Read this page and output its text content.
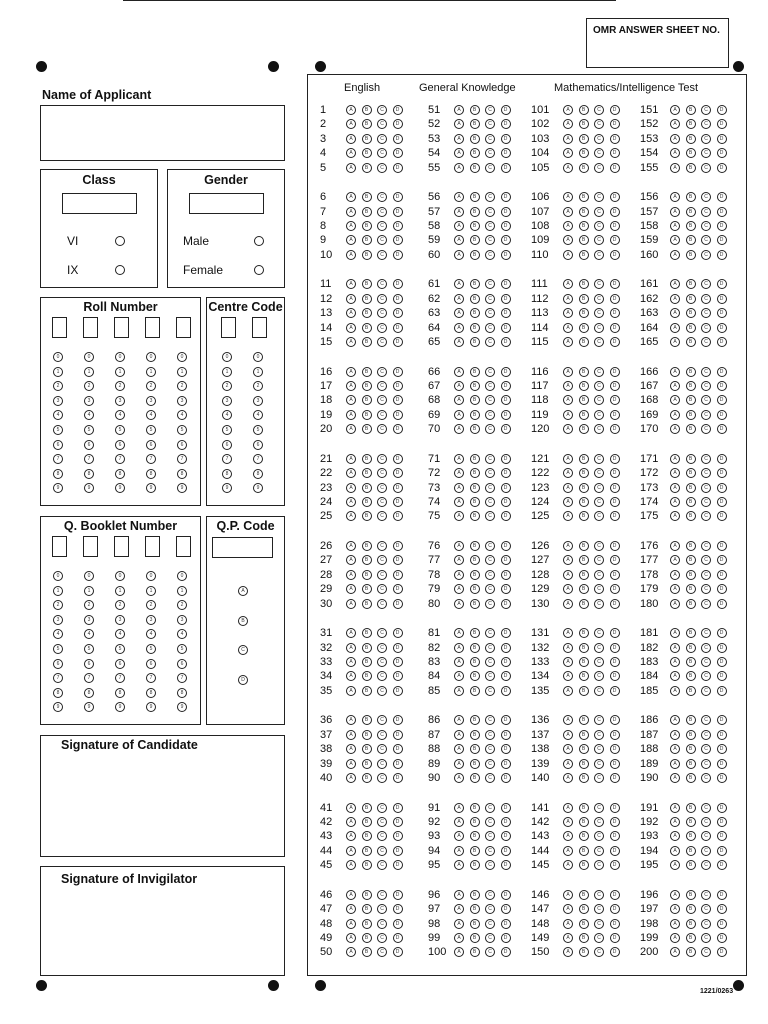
OMR ANSWER SHEET NO.
Name of Applicant
Class
VI
IX
Gender
Male
Female
Roll Number
0
1
2
3
4
5
6
7
8
9
0
1
2
3
4
5
6
7
8
9
0
1
2
3
4
5
6
7
8
9
0
1
2
3
4
5
6
7
8
9
0
1
2
3
4
5
6
7
8
9
Centre Code
0
1
2
3
4
5
6
7
8
9
0
1
2
3
4
5
6
7
8
9
Q. Booklet Number
0
1
2
3
4
5
6
7
8
9
0
1
2
3
4
5
6
7
8
9
0
1
2
3
4
5
6
7
8
9
0
1
2
3
4
5
6
7
8
9
0
1
2
3
4
5
6
7
8
9
Q.P. Code
A
B
C
D
Signature of Candidate
Signature of Invigilator
English	General Knowledge	Mathematics/Intelligence Test
1	A	B	C	D
2	A	B	C	D
3	A	B	C	D
4	A	B	C	D
5	A	B	C	D
6	A	B	C	D
7	A	B	C	D
8	A	B	C	D
9	A	B	C	D
10	A	B	C	D
11	A	B	C	D
12	A	B	C	D
13	A	B	C	D
14	A	B	C	D
15	A	B	C	D
16	A	B	C	D
17	A	B	C	D
18	A	B	C	D
19	A	B	C	D
20	A	B	C	D
21	A	B	C	D
22	A	B	C	D
23	A	B	C	D
24	A	B	C	D
25	A	B	C	D
26	A	B	C	D
27	A	B	C	D
28	A	B	C	D
29	A	B	C	D
30	A	B	C	D
31	A	B	C	D
32	A	B	C	D
33	A	B	C	D
34	A	B	C	D
35	A	B	C	D
36	A	B	C	D
37	A	B	C	D
38	A	B	C	D
39	A	B	C	D
40	A	B	C	D
41	A	B	C	D
42	A	B	C	D
43	A	B	C	D
44	A	B	C	D
45	A	B	C	D
46	A	B	C	D
47	A	B	C	D
48	A	B	C	D
49	A	B	C	D
50	A	B	C	D
51	A	B	C	D
52	A	B	C	D
53	A	B	C	D
54	A	B	C	D
55	A	B	C	D
56	A	B	C	D
57	A	B	C	D
58	A	B	C	D
59	A	B	C	D
60	A	B	C	D
61	A	B	C	D
62	A	B	C	D
63	A	B	C	D
64	A	B	C	D
65	A	B	C	D
66	A	B	C	D
67	A	B	C	D
68	A	B	C	D
69	A	B	C	D
70	A	B	C	D
71	A	B	C	D
72	A	B	C	D
73	A	B	C	D
74	A	B	C	D
75	A	B	C	D
76	A	B	C	D
77	A	B	C	D
78	A	B	C	D
79	A	B	C	D
80	A	B	C	D
81	A	B	C	D
82	A	B	C	D
83	A	B	C	D
84	A	B	C	D
85	A	B	C	D
86	A	B	C	D
87	A	B	C	D
88	A	B	C	D
89	A	B	C	D
90	A	B	C	D
91	A	B	C	D
92	A	B	C	D
93	A	B	C	D
94	A	B	C	D
95	A	B	C	D
96	A	B	C	D
97	A	B	C	D
98	A	B	C	D
99	A	B	C	D
100	A	B	C	D
101	A	B	C	D
102	A	B	C	D
103	A	B	C	D
104	A	B	C	D
105	A	B	C	D
106	A	B	C	D
107	A	B	C	D
108	A	B	C	D
109	A	B	C	D
110	A	B	C	D
111	A	B	C	D
112	A	B	C	D
113	A	B	C	D
114	A	B	C	D
115	A	B	C	D
116	A	B	C	D
117	A	B	C	D
118	A	B	C	D
119	A	B	C	D
120	A	B	C	D
121	A	B	C	D
122	A	B	C	D
123	A	B	C	D
124	A	B	C	D
125	A	B	C	D
126	A	B	C	D
127	A	B	C	D
128	A	B	C	D
129	A	B	C	D
130	A	B	C	D
131	A	B	C	D
132	A	B	C	D
133	A	B	C	D
134	A	B	C	D
135	A	B	C	D
136	A	B	C	D
137	A	B	C	D
138	A	B	C	D
139	A	B	C	D
140	A	B	C	D
141	A	B	C	D
142	A	B	C	D
143	A	B	C	D
144	A	B	C	D
145	A	B	C	D
146	A	B	C	D
147	A	B	C	D
148	A	B	C	D
149	A	B	C	D
150	A	B	C	D
151	A	B	C	D
152	A	B	C	D
153	A	B	C	D
154	A	B	C	D
155	A	B	C	D
156	A	B	C	D
157	A	B	C	D
158	A	B	C	D
159	A	B	C	D
160	A	B	C	D
161	A	B	C	D
162	A	B	C	D
163	A	B	C	D
164	A	B	C	D
165	A	B	C	D
166	A	B	C	D
167	A	B	C	D
168	A	B	C	D
169	A	B	C	D
170	A	B	C	D
171	A	B	C	D
172	A	B	C	D
173	A	B	C	D
174	A	B	C	D
175	A	B	C	D
176	A	B	C	D
177	A	B	C	D
178	A	B	C	D
179	A	B	C	D
180	A	B	C	D
181	A	B	C	D
182	A	B	C	D
183	A	B	C	D
184	A	B	C	D
185	A	B	C	D
186	A	B	C	D
187	A	B	C	D
188	A	B	C	D
189	A	B	C	D
190	A	B	C	D
191	A	B	C	D
192	A	B	C	D
193	A	B	C	D
194	A	B	C	D
195	A	B	C	D
196	A	B	C	D
197	A	B	C	D
198	A	B	C	D
199	A	B	C	D
200	A	B	C	D
1221/0263
